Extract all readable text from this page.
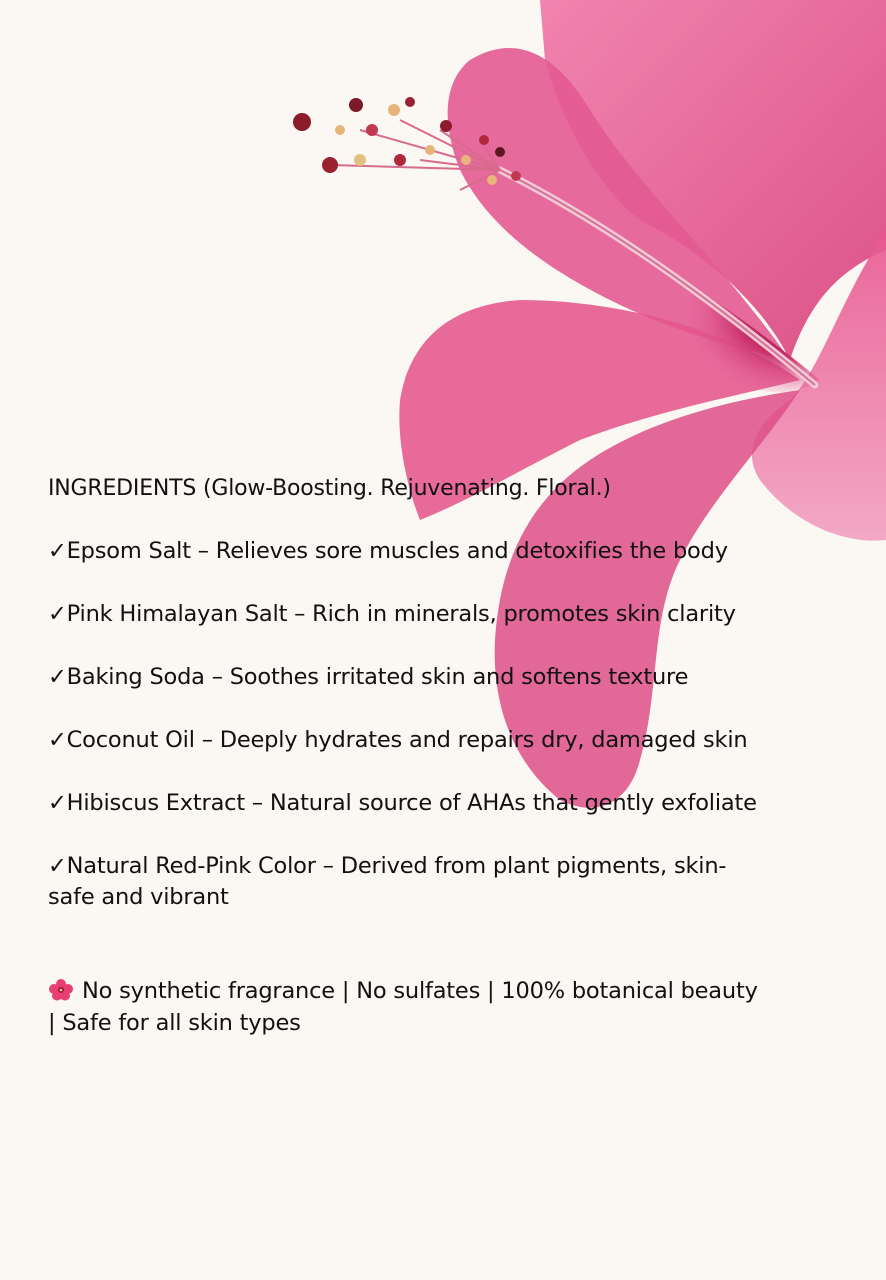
INGREDIENTS (Glow-Boosting. Rejuvenating. Floral.)

✓Epsom Salt – Relieves sore muscles and detoxifies the body

✓Pink Himalayan Salt – Rich in minerals, promotes skin clarity

✓Baking Soda – Soothes irritated skin and softens texture

✓Coconut Oil – Deeply hydrates and repairs dry, damaged skin

✓Hibiscus Extract – Natural source of AHAs that gently exfoliate

✓Natural Red-Pink Color – Derived from plant pigments, skin-safe and vibrant

No synthetic fragrance | No sulfates | 100% botanical beauty | Safe for all skin types
